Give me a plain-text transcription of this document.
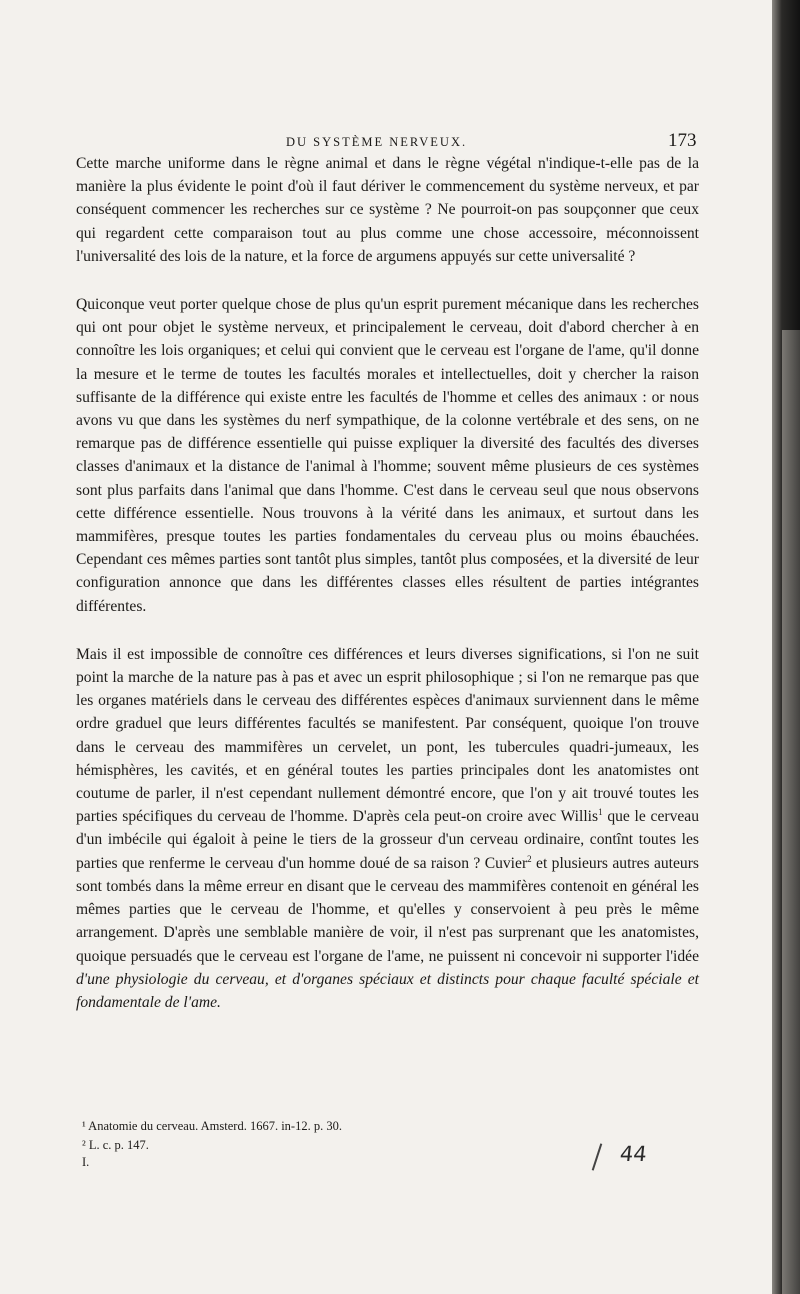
DU SYSTÈME NERVEUX.	173

Cette marche uniforme dans le règne animal et dans le règne végétal n'indique-t-elle pas de la manière la plus évidente le point d'où il faut dériver le commencement du système nerveux, et par conséquent commencer les recherches sur ce système ? Ne pourroit-on pas soupçonner que ceux qui regardent cette comparaison tout au plus comme une chose accessoire, méconnoissent l'universalité des lois de la nature, et la force de argumens appuyés sur cette universalité ?

Quiconque veut porter quelque chose de plus qu'un esprit purement mécanique dans les recherches qui ont pour objet le système nerveux, et principalement le cerveau, doit d'abord chercher à en connoître les lois organiques; et celui qui convient que le cerveau est l'organe de l'ame, qu'il donne la mesure et le terme de toutes les facultés morales et intellectuelles, doit y chercher la raison suffisante de la différence qui existe entre les facultés de l'homme et celles des animaux : or nous avons vu que dans les systèmes du nerf sympathique, de la colonne vertébrale et des sens, on ne remarque pas de différence essentielle qui puisse expliquer la diversité des facultés des diverses classes d'animaux et la distance de l'animal à l'homme; souvent même plusieurs de ces systèmes sont plus parfaits dans l'animal que dans l'homme. C'est dans le cerveau seul que nous observons cette différence essentielle. Nous trouvons à la vérité dans les animaux, et surtout dans les mammifères, presque toutes les parties fondamentales du cerveau plus ou moins ébauchées. Cependant ces mêmes parties sont tantôt plus simples, tantôt plus composées, et la diversité de leur configuration annonce que dans les différentes classes elles résultent de parties intégrantes différentes.

Mais il est impossible de connoître ces différences et leurs diverses significations, si l'on ne suit point la marche de la nature pas à pas et avec un esprit philosophique ; si l'on ne remarque pas que les organes matériels dans le cerveau des différentes espèces d'animaux surviennent dans le même ordre graduel que leurs différentes facultés se manifestent. Par conséquent, quoique l'on trouve dans le cerveau des mammifères un cervelet, un pont, les tubercules quadri-jumeaux, les hémisphères, les cavités, et en général toutes les parties principales dont les anatomistes ont coutume de parler, il n'est cependant nullement démontré encore, que l'on y ait trouvé toutes les parties spécifiques du cerveau de l'homme. D'après cela peut-on croire avec Willis$^1$ que le cerveau d'un imbécile qui égaloit à peine le tiers de la grosseur d'un cerveau ordinaire, contînt toutes les parties que renferme le cerveau d'un homme doué de sa raison ? Cuvier$^2$ et plusieurs autres auteurs sont tombés dans la même erreur en disant que le cerveau des mammifères contenoit en général les mêmes parties que le cerveau de l'homme, et qu'elles y conservoient à peu près le même arrangement. D'après une semblable manière de voir, il n'est pas surprenant que les anatomistes, quoique persuadés que le cerveau est l'organe de l'ame, ne puissent ni concevoir ni supporter l'idée d'une physiologie du cerveau, et d'organes spéciaux et distincts pour chaque faculté spéciale et fondamentale de l'ame.

¹ Anatomie du cerveau. Amsterd. 1667. in-12. p. 30.
² L. c. p. 147.
I.	44
